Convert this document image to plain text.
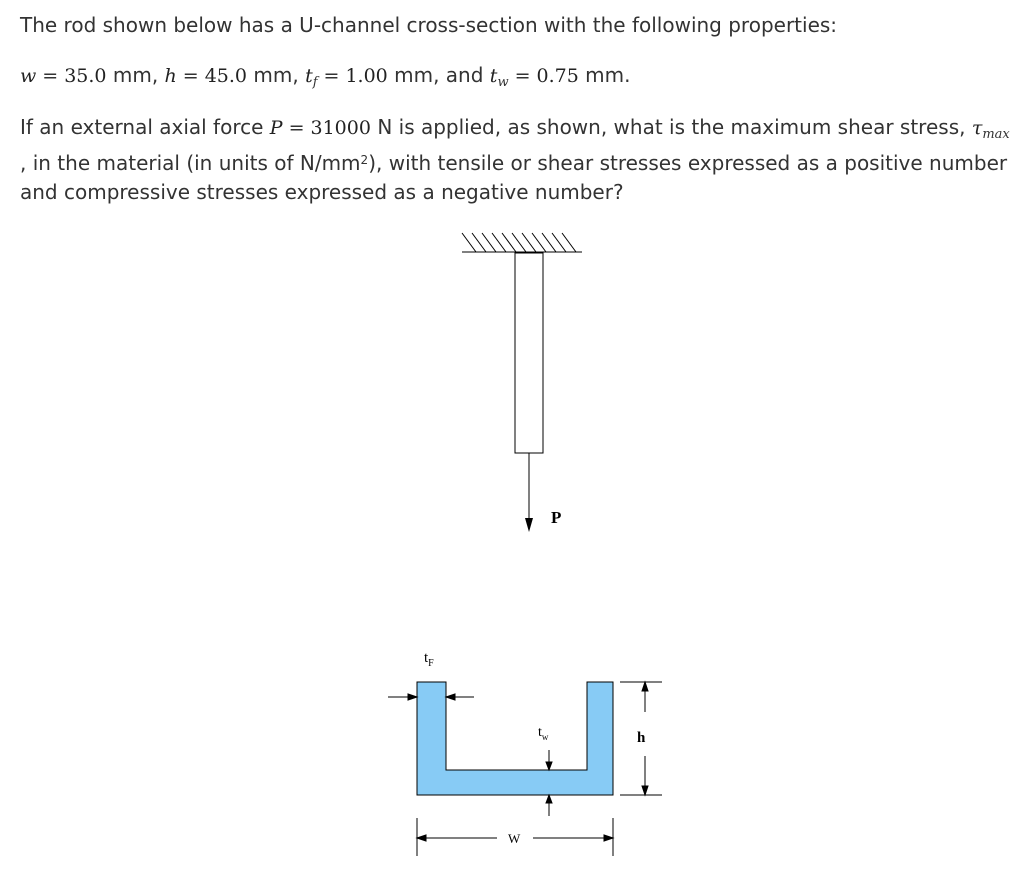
The rod shown below has a U-channel cross-section with the following properties:

w = 35.0 mm, h = 45.0 mm, $t_f = 1.00$ mm, and $t_w = 0.75$ mm.

If an external axial force P = 31000 N is applied, as shown, what is the maximum shear stress, $\tau_{max}$

, in the material (in units of $N/mm^2$), with tensile or shear stresses expressed as a positive number

and compressive stresses expressed as a negative number?

P
$t_F$
$t_w$	h
W
